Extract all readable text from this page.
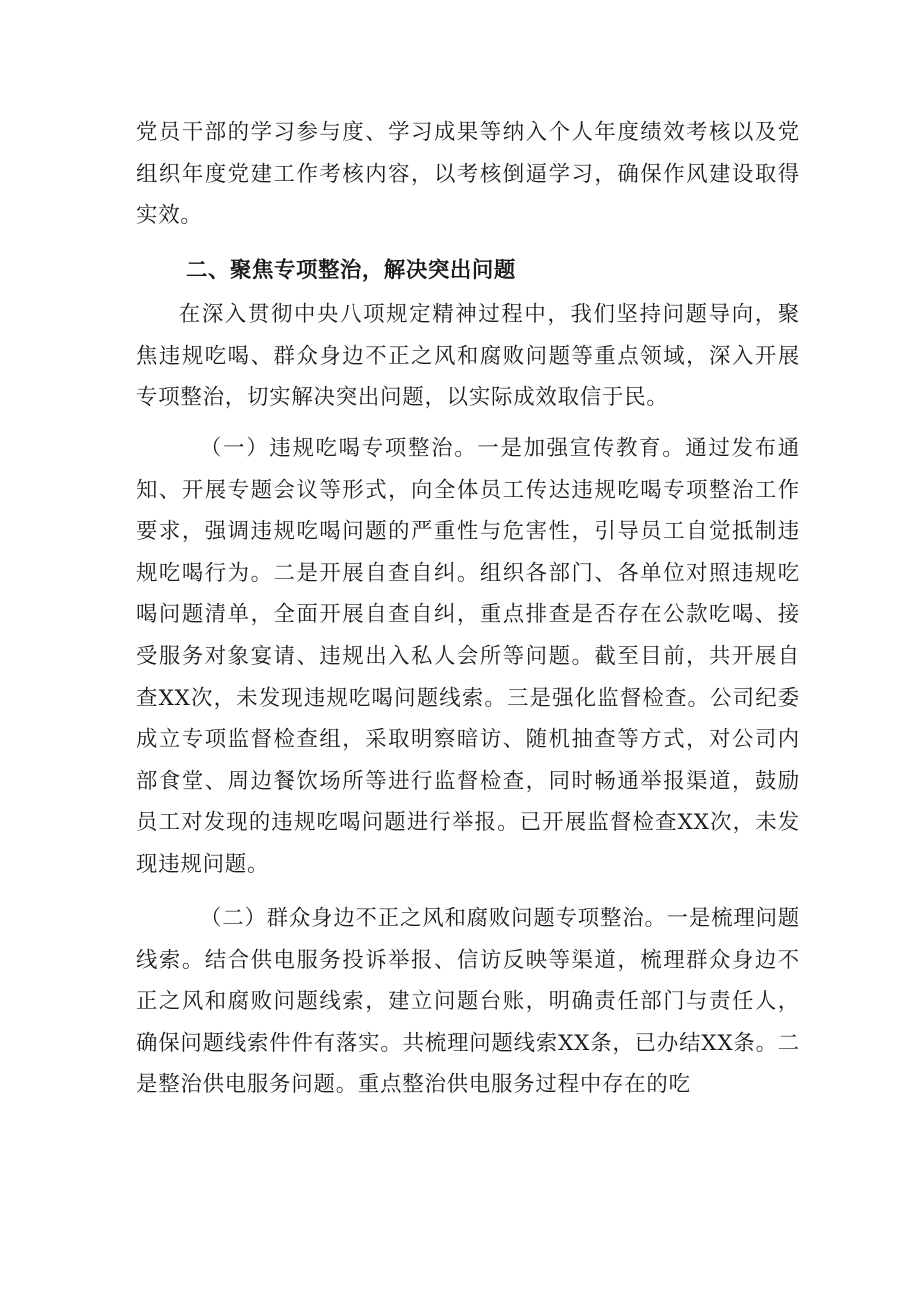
党员干部的学习参与度、学习成果等纳入个人年度绩效考核以及党组织年度党建工作考核内容，以考核倒逼学习，确保作风建设取得实效。

二、聚焦专项整治，解决突出问题

在深入贯彻中央八项规定精神过程中，我们坚持问题导向，聚焦违规吃喝、群众身边不正之风和腐败问题等重点领域，深入开展专项整治，切实解决突出问题，以实际成效取信于民。

（一）违规吃喝专项整治。一是加强宣传教育。通过发布通知、开展专题会议等形式，向全体员工传达违规吃喝专项整治工作要求，强调违规吃喝问题的严重性与危害性，引导员工自觉抵制违规吃喝行为。二是开展自查自纠。组织各部门、各单位对照违规吃喝问题清单，全面开展自查自纠，重点排查是否存在公款吃喝、接受服务对象宴请、违规出入私人会所等问题。截至目前，共开展自查XX次，未发现违规吃喝问题线索。三是强化监督检查。公司纪委成立专项监督检查组，采取明察暗访、随机抽查等方式，对公司内部食堂、周边餐饮场所等进行监督检查，同时畅通举报渠道，鼓励员工对发现的违规吃喝问题进行举报。已开展监督检查XX次，未发现违规问题。

（二）群众身边不正之风和腐败问题专项整治。一是梳理问题线索。结合供电服务投诉举报、信访反映等渠道，梳理群众身边不正之风和腐败问题线索，建立问题台账，明确责任部门与责任人，确保问题线索件件有落实。共梳理问题线索XX条，已办结XX条。二是整治供电服务问题。重点整治供电服务过程中存在的吃
